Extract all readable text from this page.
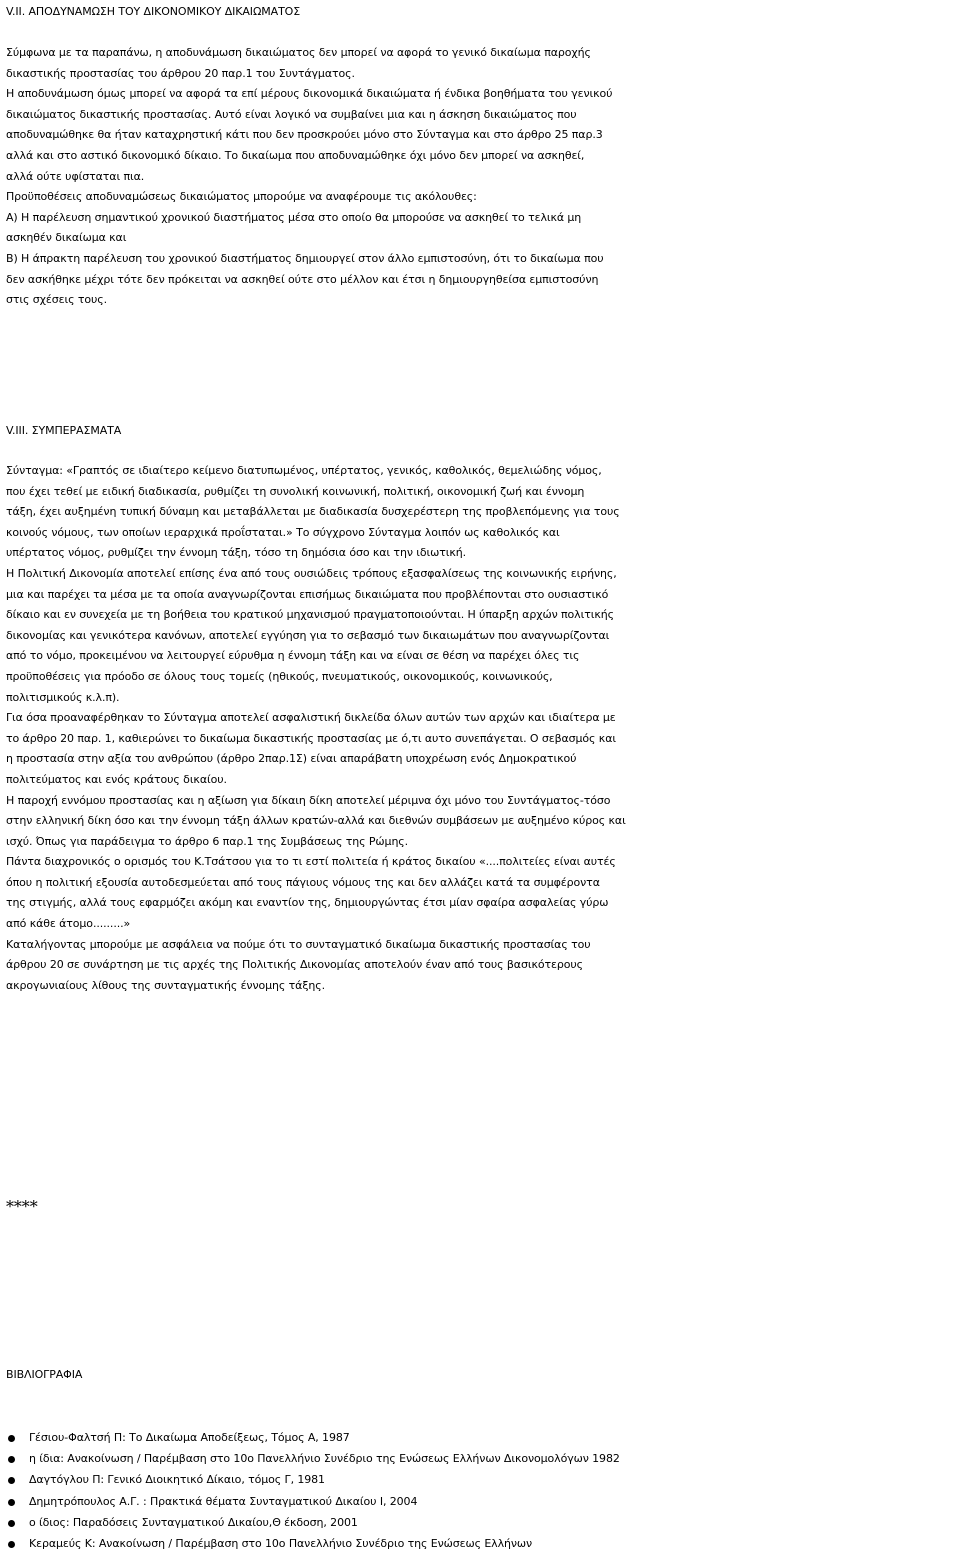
V.II. ΑΠΟΔΥΝΑΜΩΣΗ ΤΟΥ ΔΙΚΟΝΟΜΙΚΟΥ ΔΙΚΑΙΩΜΑΤΟΣ
Σύμφωνα με τα παραπάνω, η αποδυνάμωση δικαιώματος δεν μπορεί να αφορά το γενικό δικαίωμα παροχής
δικαστικής προστασίας του άρθρου 20 παρ.1 του Συντάγματος.
Η αποδυνάμωση όμως μπορεί να αφορά τα επί μέρους δικονομικά δικαιώματα ή ένδικα βοηθήματα του γενικού
δικαιώματος δικαστικής προστασίας. Αυτό είναι λογικό να συμβαίνει μια και η άσκηση δικαιώματος που
αποδυναμώθηκε θα ήταν καταχρηστική κάτι που δεν προσκρούει μόνο στο Σύνταγμα και στο άρθρο 25 παρ.3
αλλά και στο αστικό δικονομικό δίκαιο. Το δικαίωμα που αποδυναμώθηκε όχι μόνο δεν μπορεί να ασκηθεί,
αλλά ούτε υφίσταται πια.
Προϋποθέσεις αποδυναμώσεως δικαιώματος μπορούμε να αναφέρουμε τις ακόλουθες:
Α) Η παρέλευση σημαντικού χρονικού διαστήματος μέσα στο οποίο θα μπορούσε να ασκηθεί το τελικά μη
ασκηθέν δικαίωμα και
Β) Η άπρακτη παρέλευση του χρονικού διαστήματος δημιουργεί στον άλλο εμπιστοσύνη, ότι το δικαίωμα που
δεν ασκήθηκε μέχρι τότε δεν πρόκειται να ασκηθεί ούτε στο μέλλον και έτσι η δημιουργηθείσα εμπιστοσύνη
στις σχέσεις τους.
V.III. ΣΥΜΠΕΡΑΣΜΑΤΑ
Σύνταγμα: «Γραπτός σε ιδιαίτερο κείμενο διατυπωμένος, υπέρτατος, γενικός, καθολικός, θεμελιώδης νόμος,
που έχει τεθεί με ειδική διαδικασία, ρυθμίζει τη συνολική κοινωνική, πολιτική, οικονομική ζωή και έννομη
τάξη, έχει αυξημένη τυπική δύναμη και μεταβάλλεται με διαδικασία δυσχερέστερη της προβλεπόμενης για τους
κοινούς νόμους, των οποίων ιεραρχικά προΐσταται.» Το σύγχρονο Σύνταγμα λοιπόν ως καθολικός και
υπέρτατος νόμος, ρυθμίζει την έννομη τάξη, τόσο τη δημόσια όσο και την ιδιωτική.
Η Πολιτική Δικονομία αποτελεί επίσης ένα από τους ουσιώδεις τρόπους εξασφαλίσεως της κοινωνικής ειρήνης,
μια και παρέχει τα μέσα με τα οποία αναγνωρίζονται επισήμως δικαιώματα που προβλέπονται στο ουσιαστικό
δίκαιο και εν συνεχεία με τη βοήθεια του κρατικού μηχανισμού πραγματοποιούνται. Η ύπαρξη αρχών πολιτικής
δικονομίας και γενικότερα κανόνων, αποτελεί εγγύηση για το σεβασμό των δικαιωμάτων που αναγνωρίζονται
από το νόμο, προκειμένου να λειτουργεί εύρυθμα η έννομη τάξη και να είναι σε θέση να παρέχει όλες τις
προϋποθέσεις για πρόοδο σε όλους τους τομείς (ηθικούς, πνευματικούς, οικονομικούς, κοινωνικούς,
πολιτισμικούς κ.λ.π).
Για όσα προαναφέρθηκαν το Σύνταγμα αποτελεί ασφαλιστική δικλείδα όλων αυτών των αρχών και ιδιαίτερα με
το άρθρο 20 παρ. 1, καθιερώνει το δικαίωμα δικαστικής προστασίας με ό,τι αυτο συνεπάγεται. Ο σεβασμός και
η προστασία στην αξία του ανθρώπου (άρθρο 2παρ.1Σ) είναι απαράβατη υποχρέωση ενός Δημοκρατικού
πολιτεύματος και ενός κράτους δικαίου.
Η παροχή εννόμου προστασίας και η αξίωση για δίκαιη δίκη αποτελεί μέριμνα όχι μόνο του Συντάγματος-τόσο
στην ελληνική δίκη όσο και την έννομη τάξη άλλων κρατών-αλλά και διεθνών συμβάσεων με αυξημένο κύρος και
ισχύ. Όπως για παράδειγμα το άρθρο 6 παρ.1 της Συμβάσεως της Ρώμης.
Πάντα διαχρονικός ο ορισμός του Κ.Τσάτσου για το τι εστί πολιτεία ή κράτος δικαίου «....πολιτείες είναι αυτές
όπου η πολιτική εξουσία αυτοδεσμεύεται από τους πάγιους νόμους της και δεν αλλάζει κατά τα συμφέροντα
της στιγμής, αλλά τους εφαρμόζει ακόμη και εναντίον της, δημιουργώντας έτσι μίαν σφαίρα ασφαλείας γύρω
από κάθε άτομο.........»
Καταλήγοντας μπορούμε με ασφάλεια να πούμε ότι το συνταγματικό δικαίωμα δικαστικής προστασίας του
άρθρου 20 σε συνάρτηση με τις αρχές της Πολιτικής Δικονομίας αποτελούν έναν από τους βασικότερους
ακρογωνιαίους λίθους της συνταγματικής έννομης τάξης.
****
ΒΙΒΛΙΟΓΡΑΦΙΑ
Γέσιου-Φαλτσή Π: Το Δικαίωμα Αποδείξεως, Τόμος Α, 1987
η ίδια: Ανακοίνωση / Παρέμβαση στο 10ο Πανελλήνιο Συνέδριο της Ενώσεως Ελλήνων Δικονομολόγων 1982
Δαγτόγλου Π: Γενικό Διοικητικό Δίκαιο, τόμος Γ, 1981
Δημητρόπουλος Α.Γ. : Πρακτικά θέματα Συνταγματικού Δικαίου Ι, 2004
ο ίδιος: Παραδόσεις Συνταγματικού Δικαίου,Θ έκδοση, 2001
Κεραμεύς Κ: Ανακοίνωση / Παρέμβαση στο 10ο Πανελλήνιο Συνέδριο της Ενώσεως Ελλήνων
